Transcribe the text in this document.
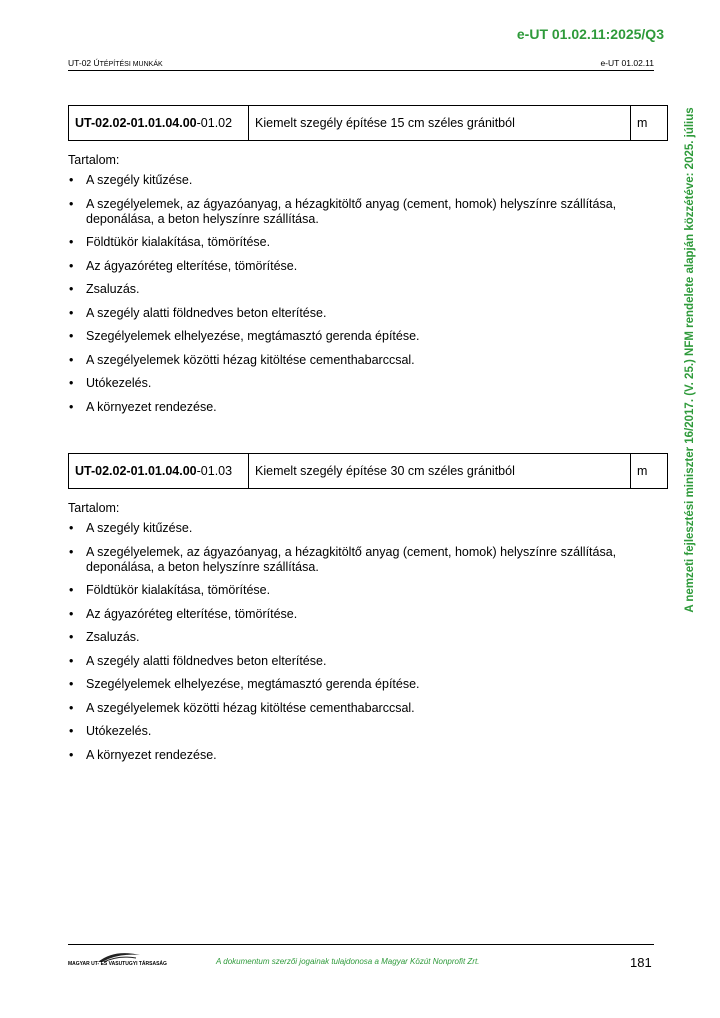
e-UT 01.02.11:2025/Q3
UT-02 ÚTÉPÍTÉSI MUNKÁK	e-UT 01.02.11
A nemzeti fejlesztési miniszter 16/2017. (V. 25.) NFM rendelete alapján közzétéve: 2025. július
UT-02.02-01.01.04.00-01.02	Kiemelt szegély építése 15 cm széles gránitból	m
Tartalom:
• A szegély kitűzése.
• A szegélyelemek, az ágyazóanyag, a hézagkitöltő anyag (cement, homok) helyszínre szállítása, deponálása, a beton helyszínre szállítása.
• Földtükör kialakítása, tömörítése.
• Az ágyazóréteg elterítése, tömörítése.
• Zsaluzás.
• A szegély alatti földnedves beton elterítése.
• Szegélyelemek elhelyezése, megtámasztó gerenda építése.
• A szegélyelemek közötti hézag kitöltése cementhabarccsal.
• Utókezelés.
• A környezet rendezése.
UT-02.02-01.01.04.00-01.03	Kiemelt szegély építése 30 cm széles gránitból	m
Tartalom:
• A szegély kitűzése.
• A szegélyelemek, az ágyazóanyag, a hézagkitöltő anyag (cement, homok) helyszínre szállítása, deponálása, a beton helyszínre szállítása.
• Földtükör kialakítása, tömörítése.
• Az ágyazóréteg elterítése, tömörítése.
• Zsaluzás.
• A szegély alatti földnedves beton elterítése.
• Szegélyelemek elhelyezése, megtámasztó gerenda építése.
• A szegélyelemek közötti hézag kitöltése cementhabarccsal.
• Utókezelés.
• A környezet rendezése.
MAGYAR UT- ES VASUTUGYI TÁRSASÁG	A dokumentum szerzői jogainak tulajdonosa a Magyar Közút Nonprofit Zrt.	181
